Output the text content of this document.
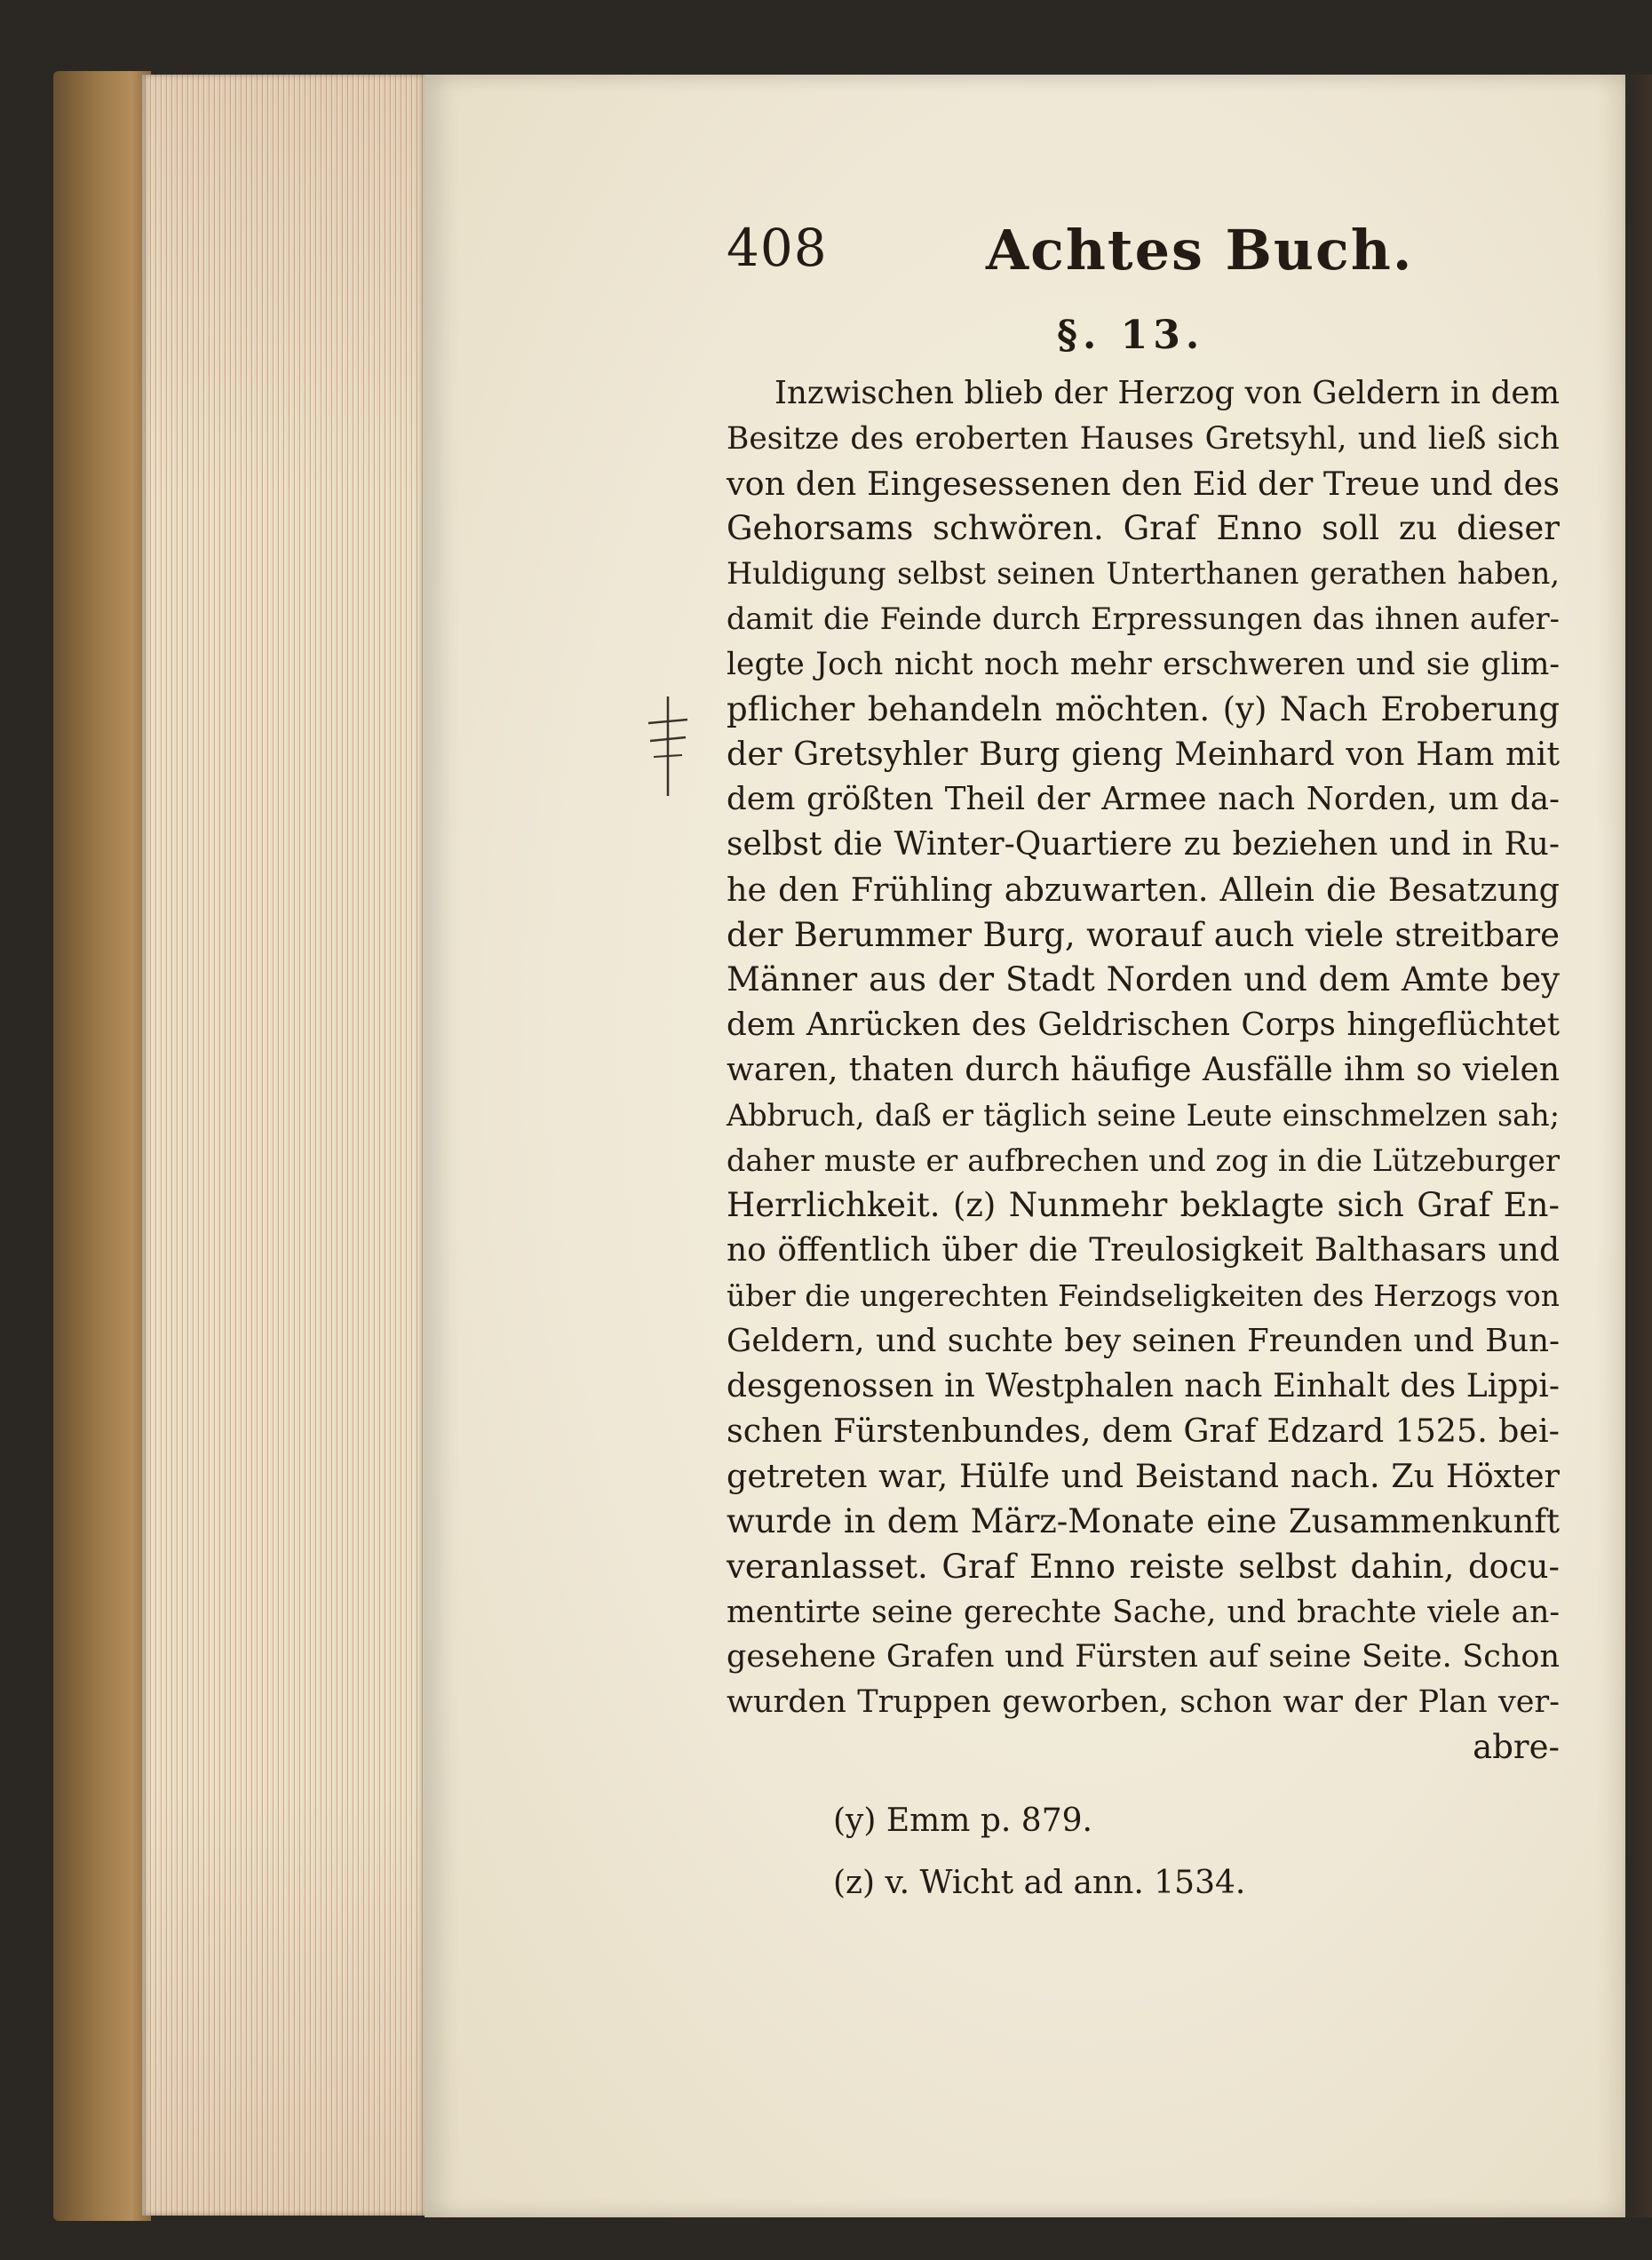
408	Achtes Buch.
§. 13.
Inzwischen blieb der Herzog von Geldern in dem
Besitze des eroberten Hauses Gretsyhl, und ließ sich
von den Eingesessenen den Eid der Treue und des
Gehorsams schwören. Graf Enno soll zu dieser
Huldigung selbst seinen Unterthanen gerathen haben,
damit die Feinde durch Erpressungen das ihnen aufer-
legte Joch nicht noch mehr erschweren und sie glim-
pflicher behandeln möchten. (y) Nach Eroberung
der Gretsyhler Burg gieng Meinhard von Ham mit
dem größten Theil der Armee nach Norden, um da-
selbst die Winter-Quartiere zu beziehen und in Ru-
he den Frühling abzuwarten. Allein die Besatzung
der Berummer Burg, worauf auch viele streitbare
Männer aus der Stadt Norden und dem Amte bey
dem Anrücken des Geldrischen Corps hingeflüchtet
waren, thaten durch häufige Ausfälle ihm so vielen
Abbruch, daß er täglich seine Leute einschmelzen sah;
daher muste er aufbrechen und zog in die Lützeburger
Herrlichkeit. (z) Nunmehr beklagte sich Graf En-
no öffentlich über die Treulosigkeit Balthasars und
über die ungerechten Feindseligkeiten des Herzogs von
Geldern, und suchte bey seinen Freunden und Bun-
desgenossen in Westphalen nach Einhalt des Lippi-
schen Fürstenbundes, dem Graf Edzard 1525. bei-
getreten war, Hülfe und Beistand nach. Zu Höxter
wurde in dem März-Monate eine Zusammenkunft
veranlasset. Graf Enno reiste selbst dahin, docu-
mentirte seine gerechte Sache, und brachte viele an-
gesehene Grafen und Fürsten auf seine Seite. Schon
wurden Truppen geworben, schon war der Plan ver-
abre-
(y) Emm p. 879.
(z) v. Wicht ad ann. 1534.
